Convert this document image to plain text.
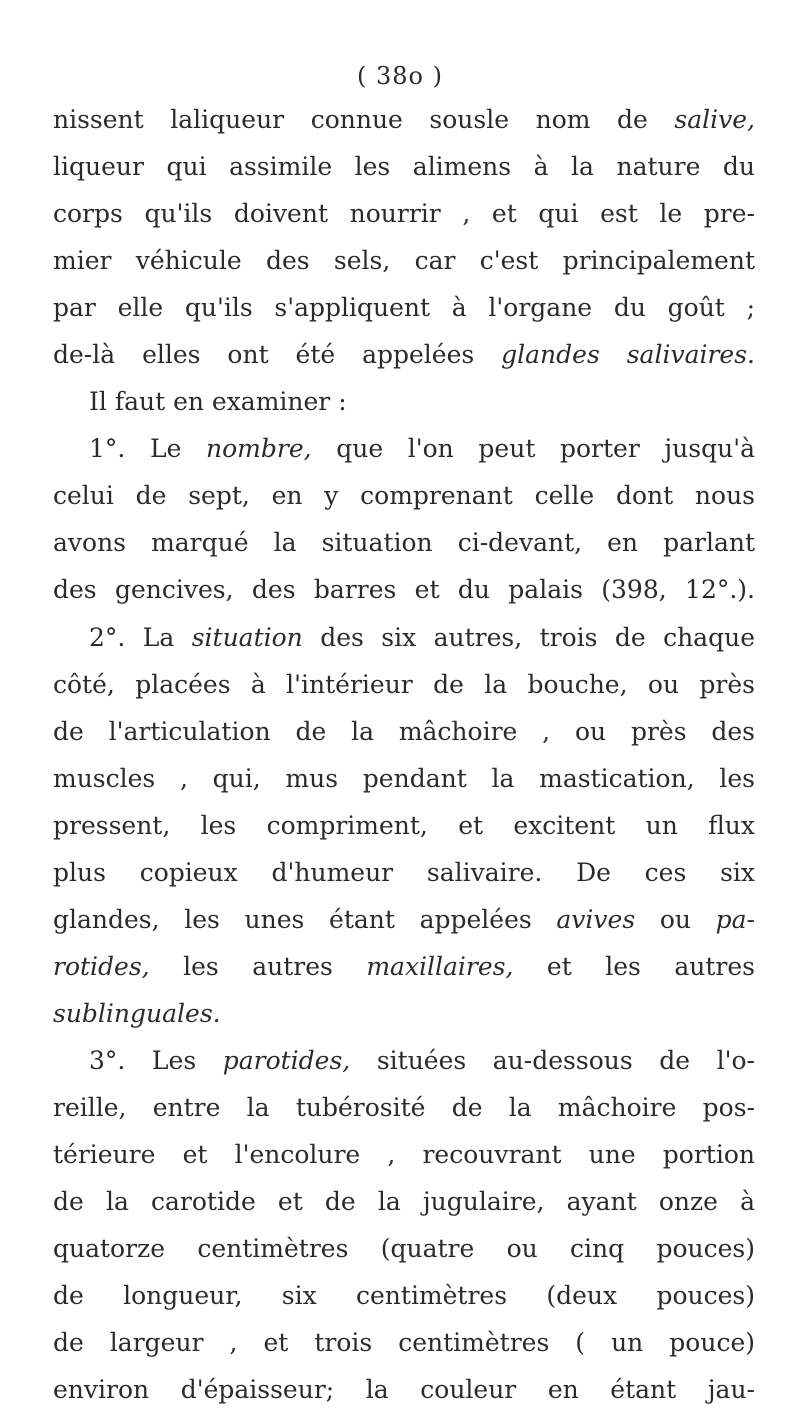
( 38o )
nissent laliqueur connue sousle nom de salive,
liqueur qui assimile les alimens à la nature du
corps qu'ils doivent nourrir , et qui est le pre-
mier véhicule des sels, car c'est principalement
par elle qu'ils s'appliquent à l'organe du goût ;
de-là elles ont été appelées glandes salivaires.
Il faut en examiner :
1°. Le nombre, que l'on peut porter jusqu'à
celui de sept, en y comprenant celle dont nous
avons marqué la situation ci-devant, en parlant
des gencives, des barres et du palais (398, 12°.).
2°. La situation des six autres, trois de chaque
côté, placées à l'intérieur de la bouche, ou près
de l'articulation de la mâchoire , ou près des
muscles , qui, mus pendant la mastication, les
pressent, les compriment, et excitent un flux
plus copieux d'humeur salivaire. De ces six
glandes, les unes étant appelées avives ou pa-
rotides, les autres maxillaires, et les autres
sublinguales.
3°. Les parotides, situées au-dessous de l'o-
reille, entre la tubérosité de la mâchoire pos-
térieure et l'encolure , recouvrant une portion
de la carotide et de la jugulaire, ayant onze à
quatorze centimètres (quatre ou cinq pouces)
de longueur, six centimètres (deux pouces)
de largeur , et trois centimètres ( un pouce)
environ d'épaisseur; la couleur en étant jau-
